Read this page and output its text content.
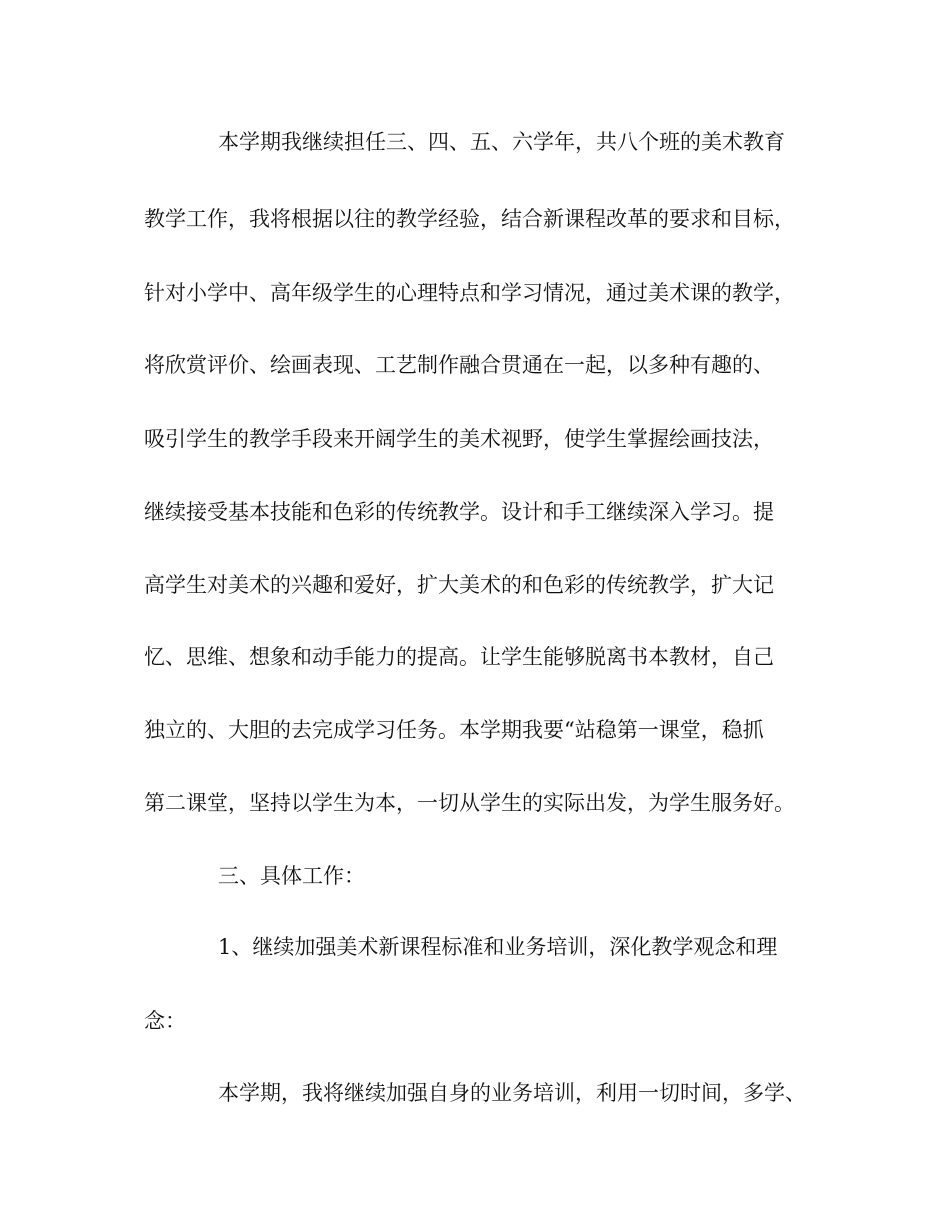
本学期我继续担任三、四、五、六学年，共八个班的美术教育
教学工作，我将根据以往的教学经验，结合新课程改革的要求和目标，
针对小学中、高年级学生的心理特点和学习情况，通过美术课的教学，
将欣赏评价、绘画表现、工艺制作融合贯通在一起，以多种有趣的、
吸引学生的教学手段来开阔学生的美术视野，使学生掌握绘画技法，
继续接受基本技能和色彩的传统教学。设计和手工继续深入学习。提
高学生对美术的兴趣和爱好，扩大美术的和色彩的传统教学，扩大记
忆、思维、想象和动手能力的提高。让学生能够脱离书本教材，自己
独立的、大胆的去完成学习任务。本学期我要“站稳第一课堂，稳抓
第二课堂，坚持以学生为本，一切从学生的实际出发，为学生服务好。
三、具体工作：
1、继续加强美术新课程标准和业务培训，深化教学观念和理
念：
本学期，我将继续加强自身的业务培训，利用一切时间，多学、
